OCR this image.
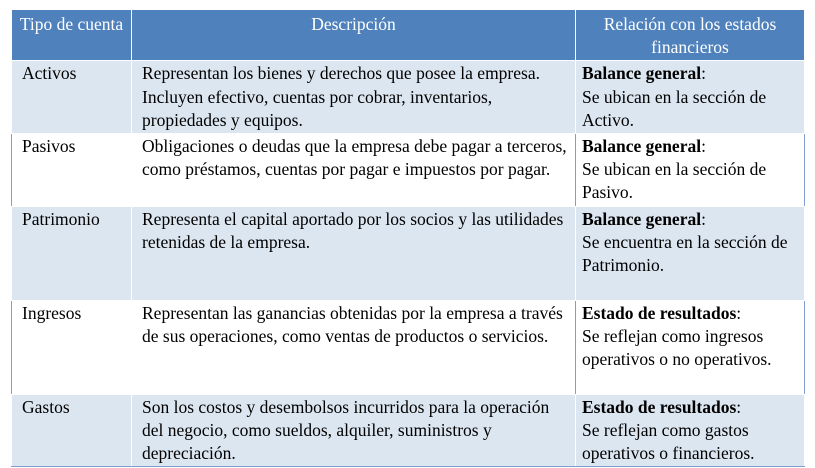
Tipo de cuenta	Descripción	Relación con los estados financieros
Activos	Representan los bienes y derechos que posee la empresa. Incluyen efectivo, cuentas por cobrar, inventarios, propiedades y equipos.	Balance general:
Se ubican en la sección de Activo.
Pasivos	Obligaciones o deudas que la empresa debe pagar a terceros, como préstamos, cuentas por pagar e impuestos por pagar.	Balance general:
Se ubican en la sección de Pasivo.
Patrimonio	Representa el capital aportado por los socios y las utilidades retenidas de la empresa.	Balance general:
Se encuentra en la sección de Patrimonio.
Ingresos	Representan las ganancias obtenidas por la empresa a través de sus operaciones, como ventas de productos o servicios.	Estado de resultados:
Se reflejan como ingresos operativos o no operativos.
Gastos	Son los costos y desembolsos incurridos para la operación del negocio, como sueldos, alquiler, suministros y depreciación.	Estado de resultados:
Se reflejan como gastos operativos o financieros.
